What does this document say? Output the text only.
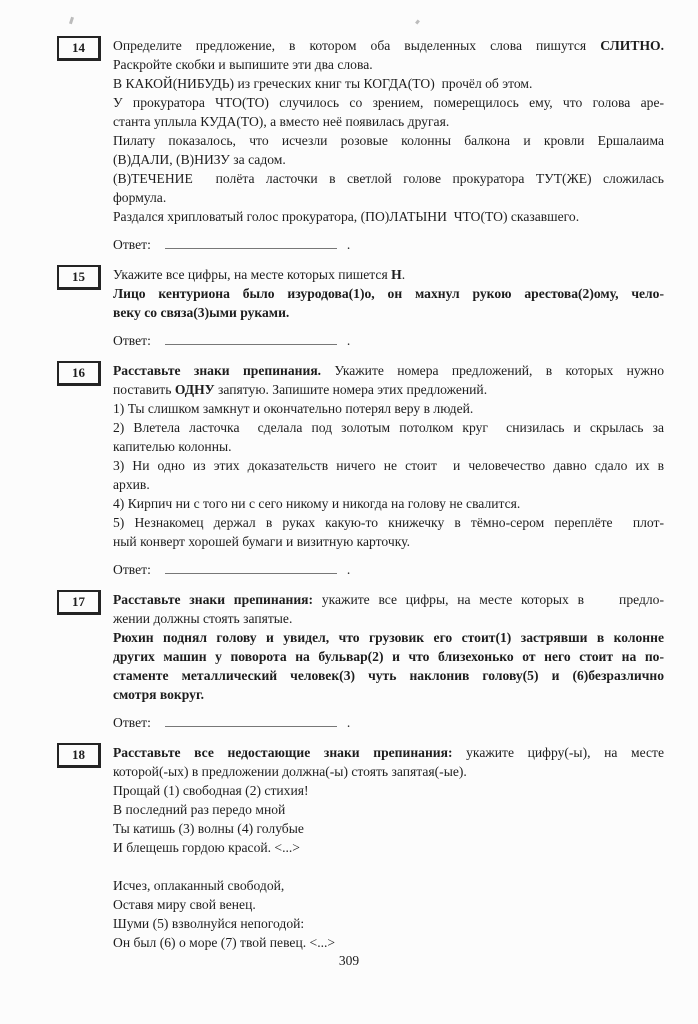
14 Определите предложение, в котором оба выделенных слова пишутся СЛИТНО.
Раскройте скобки и выпишите эти два слова.
В КАКОЙ(НИБУДЬ) из греческих книг ты КОГДА(ТО)  прочёл об этом.
У прокуратора ЧТО(ТО) случилось со зрением, померещилось ему, что голова аре-
станта уплыла КУДА(ТО), а вместо неё появилась другая.
Пилату показалось, что исчезли розовые колонны балкона и кровли Ершалаима
(В)ДАЛИ, (В)НИЗУ за садом.
(В)ТЕЧЕНИЕ  полёта ласточки в светлой голове прокуратора ТУТ(ЖЕ) сложилась
формула.
Раздался хрипловатый голос прокуратора, (ПО)ЛАТЫНИ  ЧТО(ТО) сказавшего.
Ответ:	.
15 Укажите все цифры, на месте которых пишется Н.
Лицо кентуриона было изуродова(1)о, он махнул рукою арестова(2)ому, чело-
веку со связа(3)ыми руками.
Ответ:	.
16 Расставьте знаки препинания. Укажите номера предложений, в которых нужно
поставить ОДНУ запятую. Запишите номера этих предложений.
1) Ты слишком замкнут и окончательно потерял веру в людей.
2) Влетела ласточка  сделала под золотым потолком круг  снизилась и скрылась за
капителью колонны.
3) Ни одно из этих доказательств ничего не стоит  и человечество давно сдало их в
архив.
4) Кирпич ни с того ни с сего никому и никогда на голову не свалится.
5) Незнакомец держал в руках какую-то книжечку в тёмно-сером переплёте  плот-
ный конверт хорошей бумаги и визитную карточку.
Ответ:	.
17 Расставьте знаки препинания: укажите все цифры, на месте которых в    предло-
жении должны стоять запятые.
Рюхин поднял голову и увидел, что грузовик его стоит(1) застрявши в колонне
других машин у поворота на бульвар(2) и что близехонько от него стоит на по-
стаменте металлический человек(3) чуть наклонив голову(5) и (6)безразлично
смотря вокруг.
Ответ:	.
18 Расставьте все недостающие знаки препинания: укажите цифру(-ы), на месте
которой(-ых) в предложении должна(-ы) стоять запятая(-ые).
Прощай (1) свободная (2) стихия!
В последний раз передо мной
Ты катишь (3) волны (4) голубые
И блещешь гордою красой. <...>
Исчез, оплаканный свободой,
Оставя миру свой венец.
Шуми (5) взволнуйся непогодой:
Он был (6) о море (7) твой певец. <...>
309
